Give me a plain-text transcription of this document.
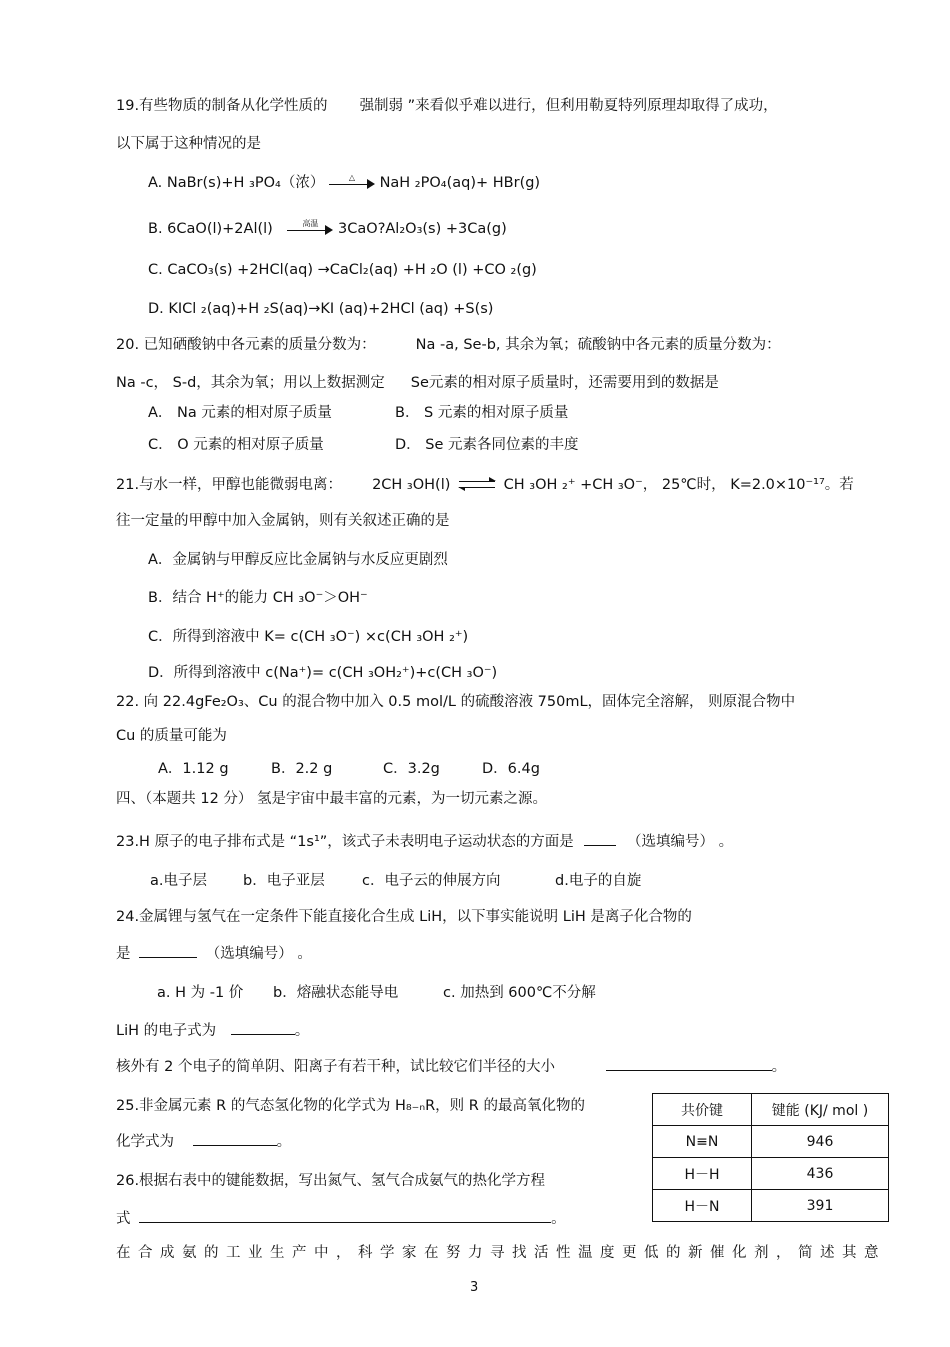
19.有些物质的制备从化学性质的 强制弱 ”来看似乎难以进行，但利用勒夏特列原理却取得了成功，
以下属于这种情况的是
A. NaBr(s)+H ₃PO₄（浓）	△	NaH ₂PO₄(aq)+ HBr(g)
B. 6CaO(l)+2Al(l)	高温	3CaO?Al₂O₃(s) +3Ca(g)
C. CaCO₃(s) +2HCl(aq) →CaCl₂(aq) +H ₂O (l) +CO ₂(g)
D. KICl ₂(aq)+H ₂S(aq)→KI (aq)+2HCl (aq) +S(s)
20. 已知硒酸钠中各元素的质量分数为：	Na -a, Se-b, 其余为氧；硫酸钠中各元素的质量分数为：
Na -c， S-d，其余为氧；用以上数据测定 Se元素的相对原子质量时，还需要用到的数据是
A． Na 元素的相对原子质量	B． S 元素的相对原子质量
C． O 元素的相对原子质量	D． Se 元素各同位素的丰度
21.与水一样，甲醇也能微弱电离： 2CH ₃OH(l) ⇌ CH ₃OH ₂⁺ +CH ₃O⁻， 25℃时， K=2.0×10⁻¹⁷。若
往一定量的甲醇中加入金属钠，则有关叙述正确的是
A．金属钠与甲醇反应比金属钠与水反应更剧烈
B．结合 H⁺的能力 CH ₃O⁻＞OH⁻
C．所得到溶液中 K= c(CH ₃O⁻) ×c(CH ₃OH ₂⁺)
D．所得到溶液中 c(Na⁺)= c(CH ₃OH₂⁺)+c(CH ₃O⁻)
22. 向 22.4gFe₂O₃、Cu 的混合物中加入 0.5 mol/L 的硫酸溶液 750mL，固体完全溶解， 则原混合物中
Cu 的质量可能为
A．1.12 g	B．2.2 g	C．3.2g	D．6.4g
四、（本题共 12 分） 氢是宇宙中最丰富的元素，为一切元素之源。
23.H 原子的电子排布式是 “1s¹”，该式子未表明电子运动状态的方面是	（选填编号） 。
a.电子层 b．电子亚层	c．电子云的伸展方向	d.电子的自旋
24.金属锂与氢气在一定条件下能直接化合生成 LiH，以下事实能说明 LiH 是离子化合物的
是	（选填编号） 。
a. H 为 -1 价 b．熔融状态能导电	c. 加热到 600℃不分解
LiH 的电子式为	。
核外有 2 个电子的简单阴、阳离子有若干种，试比较它们半径的大小	。
25.非金属元素 R 的气态氢化物的化学式为 H₈₋ₙR，则 R 的最高氧化物的
化学式为	。
26.根据右表中的键能数据，写出氮气、氢气合成氨气的热化学方程
式	。
在合成氨的工业生产中，科学家在努力寻找活性温度更低的新催化剂，简述其意
共价键	键能 (KJ/ mol )
N≡N	946
H－H	436
H－N	391
3
